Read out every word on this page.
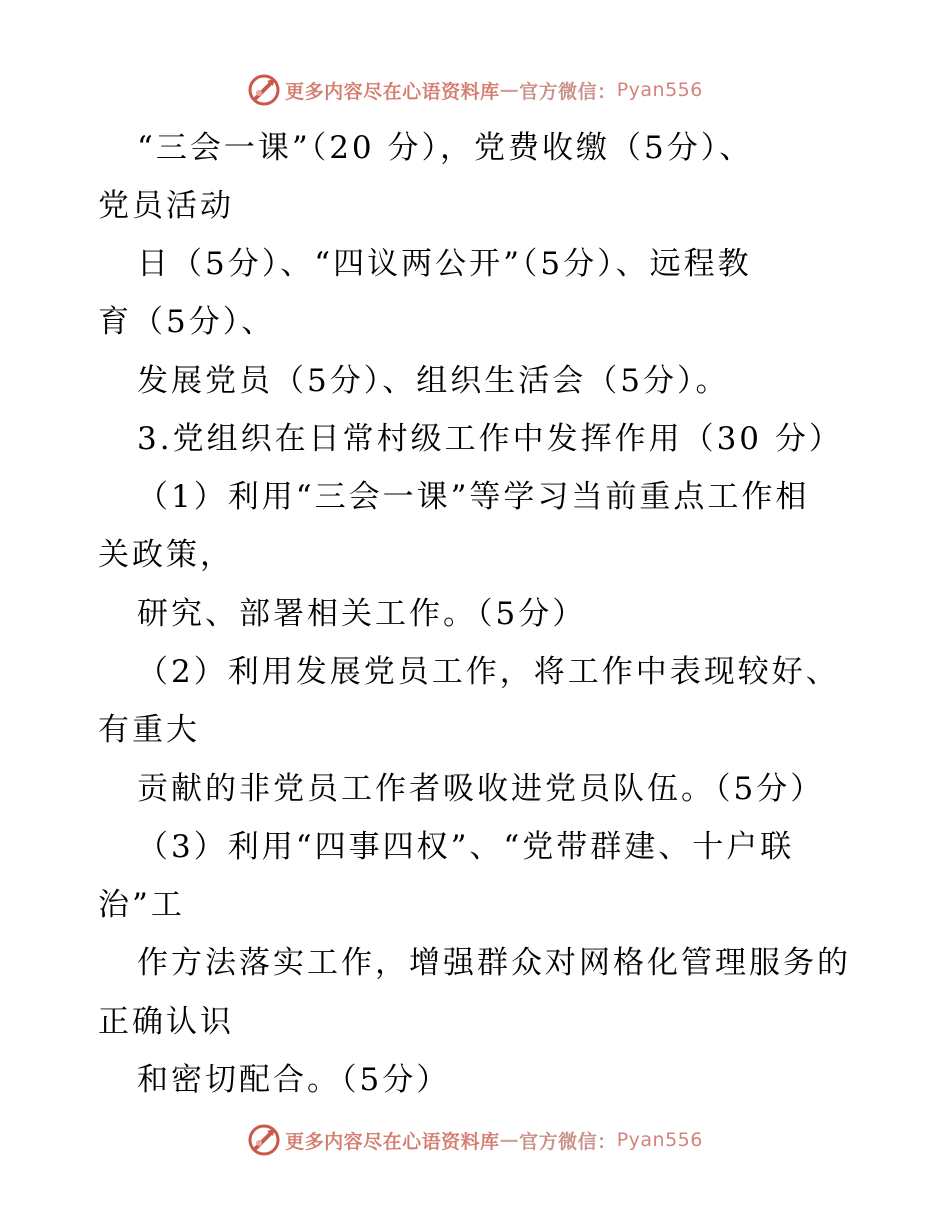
更多内容尽在心语资料库 — 官方微信： Pyan556
“三会一课”（20 分），党费收缴（5分）、
党员活动
日（5分）、“四议两公开”（5分）、远程教
育（5分）、
发展党员（5分）、组织生活会（5分）。
3.党组织在日常村级工作中发挥作用（30 分）
（1）利用“三会一课”等学习当前重点工作相
关政策，
研究、部署相关工作。（5分）
（2）利用发展党员工作，将工作中表现较好、
有重大
贡献的非党员工作者吸收进党员队伍。（5分）
（3）利用“四事四权”、“党带群建、十户联
治”工
作方法落实工作，增强群众对网格化管理服务的
正确认识
和密切配合。（5分）
更多内容尽在心语资料库 — 官方微信： Pyan556
